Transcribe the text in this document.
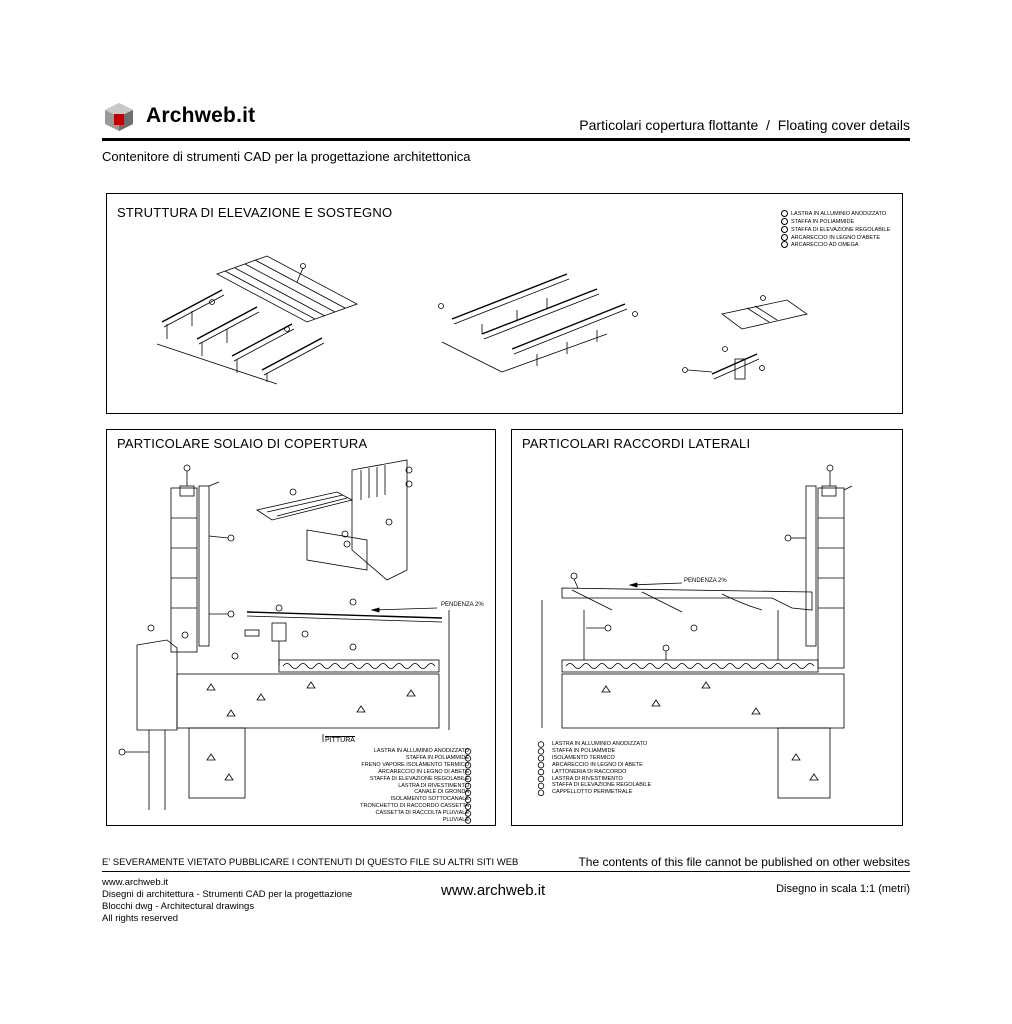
Archweb.it	Particolari copertura flottante  /  Floating cover details
Contenitore di strumenti CAD per la progettazione architettonica
STRUTTURA DI ELEVAZIONE E SOSTEGNO	LASTRA IN ALLUMINIO ANODIZZATO
STAFFA IN POLIAMMIDE
STAFFA DI ELEVAZIONE REGOLABILE
ARCARECCIO IN LEGNO D'ABETE
ARCARECCIO AD OMEGA
PARTICOLARE SOLAIO DI COPERTURA
PENDENZA 2%
PITTURA
LASTRA IN ALLUMINIO ANODIZZATO
STAFFA IN POLIAMMIDE
FRENO VAPORE ISOLAMENTO TERMICO
ARCARECCIO IN LEGNO DI ABETE
STAFFA DI ELEVAZIONE REGOLABILE
LASTRA DI RIVESTIMENTO
CANALE DI GRONDA
ISOLAMENTO SOTTOCANALE
TRONCHETTO DI RACCORDO CASSETTA
CASSETTA DI RACCOLTA PLUVIALE
PLUVIALE
PARTICOLARI RACCORDI LATERALI
PENDENZA 2%
LASTRA IN ALLUMINIO ANODIZZATO
STAFFA IN POLIAMMIDE
ISOLAMENTO TERMICO
ARCARECCIO IN LEGNO DI ABETE
LATTONERIA DI RACCORDO
LASTRA DI RIVESTIMENTO
STAFFA DI ELEVAZIONE REGOLABILE
CAPPELLOTTO PERIMETRALE
E' SEVERAMENTE VIETATO PUBBLICARE I CONTENUTI DI QUESTO FILE SU ALTRI SITI WEB	The contents of this file cannot be published on other websites
www.archweb.it
Disegni di architettura - Strumenti CAD per la progettazione
Blocchi dwg - Architectural drawings
All rights reserved
www.archweb.it	Disegno in scala 1:1 (metri)
